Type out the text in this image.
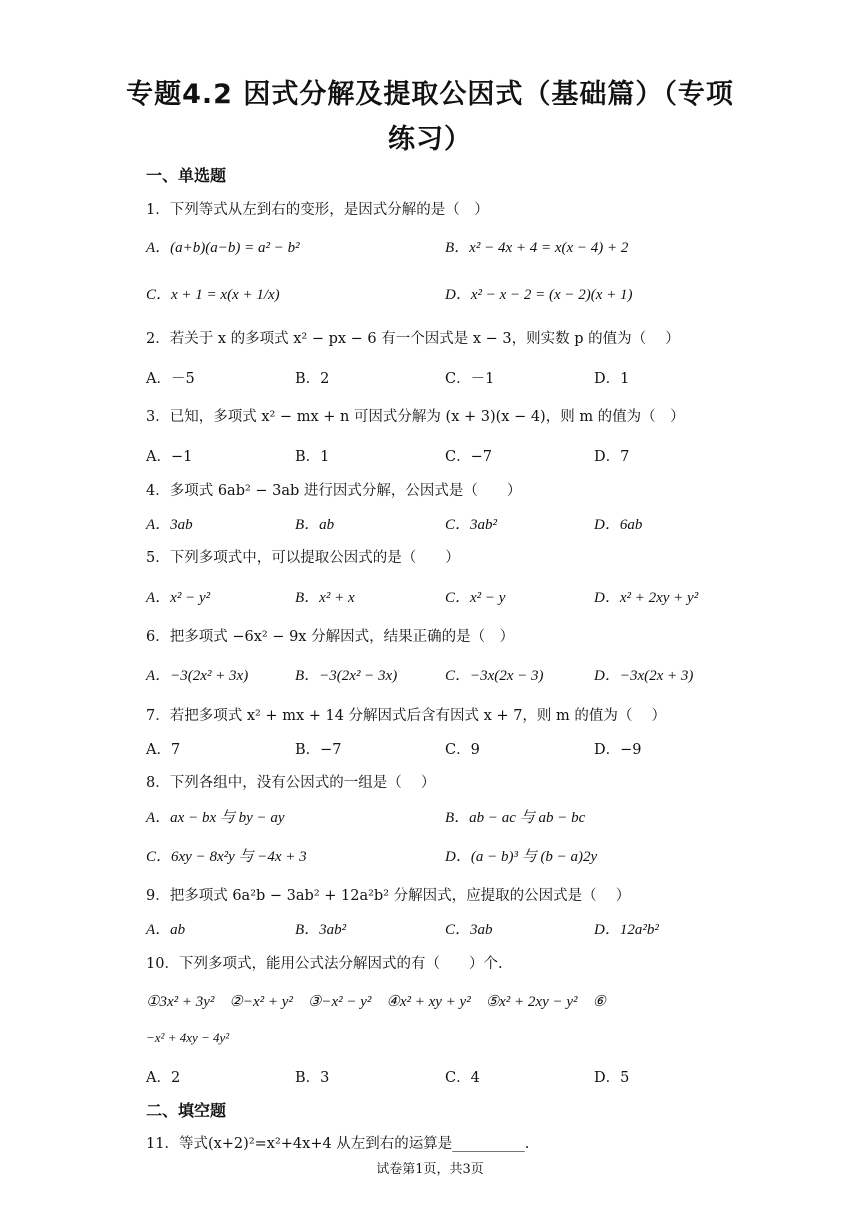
专题4.2 因式分解及提取公因式（基础篇）（专项
练习）
一、单选题
1．下列等式从左到右的变形，是因式分解的是（　）
A．(a+b)(a−b) = a² − b²	B．x² − 4x + 4 = x(x − 4) + 2
C．x + 1 = x(x + 1/x)	D．x² − x − 2 = (x − 2)(x + 1)
2．若关于 x 的多项式 x² − px − 6 有一个因式是 x − 3，则实数 p 的值为（　 ）
A．－5	B．2	C．－1	D．1
3．已知，多项式 x² − mx + n 可因式分解为 (x + 3)(x − 4)，则 m 的值为（　）
A．−1	B．1	C．−7	D．7
4．多项式 6ab² − 3ab 进行因式分解，公因式是（　　）
A．3ab	B．ab	C．3ab²	D．6ab
5．下列多项式中，可以提取公因式的是（　　）
A．x² − y²	B．x² + x	C．x² − y	D．x² + 2xy + y²
6．把多项式 −6x² − 9x 分解因式，结果正确的是（　）
A．−3(2x² + 3x)	B．−3(2x² − 3x)	C．−3x(2x − 3)	D．−3x(2x + 3)
7．若把多项式 x² + mx + 14 分解因式后含有因式 x + 7，则 m 的值为（　 ）
A．7	B．−7	C．9	D．−9
8．下列各组中，没有公因式的一组是（　 ）
A．ax − bx 与 by − ay	B．ab − ac 与 ab − bc
C．6xy − 8x²y 与 −4x + 3	D．(a − b)³ 与 (b − a)2y
9．把多项式 6a²b − 3ab² + 12a²b² 分解因式，应提取的公因式是（　 ）
A．ab	B．3ab²	C．3ab	D．12a²b²
10．下列多项式，能用公式法分解因式的有（　　）个.
①3x² + 3y²　②−x² + y²　③−x² − y²　④x² + xy + y²　⑤x² + 2xy − y²　⑥
−x² + 4xy − 4y²
A．2	B．3	C．4	D．5
二、填空题
11．等式(x+2)²=x²+4x+4 从左到右的运算是__________.
试卷第1页，共3页
